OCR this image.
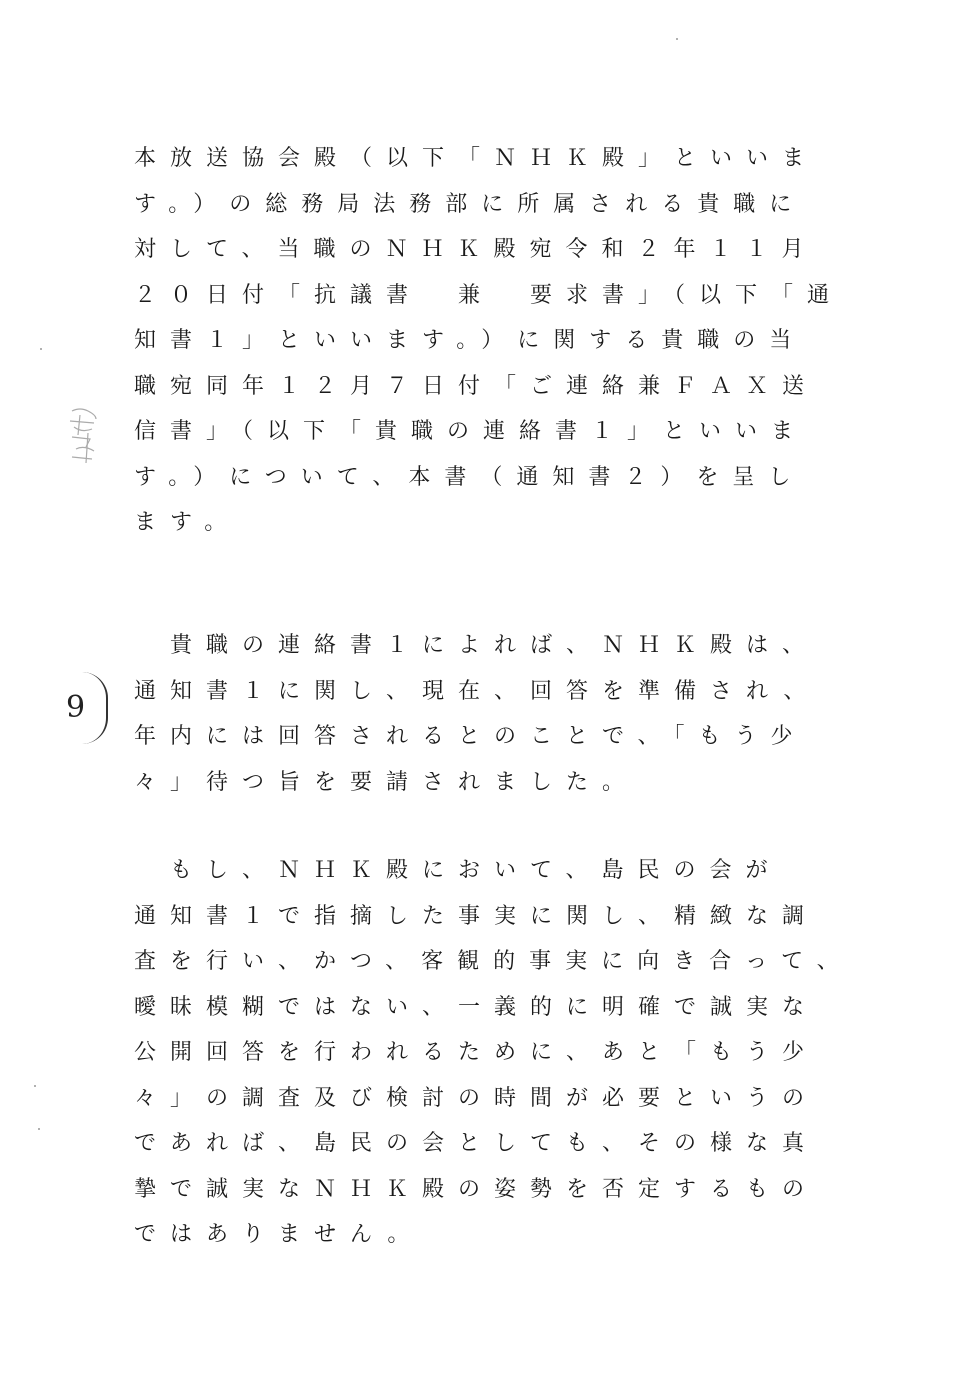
9
本放送協会殿（以下「ＮＨＫ殿」といいま
す。）の総務局法務部に所属される貴職に
対して、当職のＮＨＫ殿宛令和２年１１月
２０日付「抗議書　兼　要求書」（以下「通
知書１」といいます。）に関する貴職の当
職宛同年１２月７日付「ご連絡兼ＦＡＸ送
信書」（以下「貴職の連絡書１」といいま
す。）について、本書（通知書２）を呈し
ます。
　貴職の連絡書１によれば、ＮＨＫ殿は、
通知書１に関し、現在、回答を準備され、
年内には回答されるとのことで、「もう少
々」待つ旨を要請されました。
　もし、ＮＨＫ殿において、島民の会が
通知書１で指摘した事実に関し、精緻な調
査を行い、かつ、客観的事実に向き合って、
曖昧模糊ではない、一義的に明確で誠実な
公開回答を行われるために、あと「もう少
々」の調査及び検討の時間が必要というの
であれば、島民の会としても、その様な真
摯で誠実なＮＨＫ殿の姿勢を否定するもの
ではありません。
